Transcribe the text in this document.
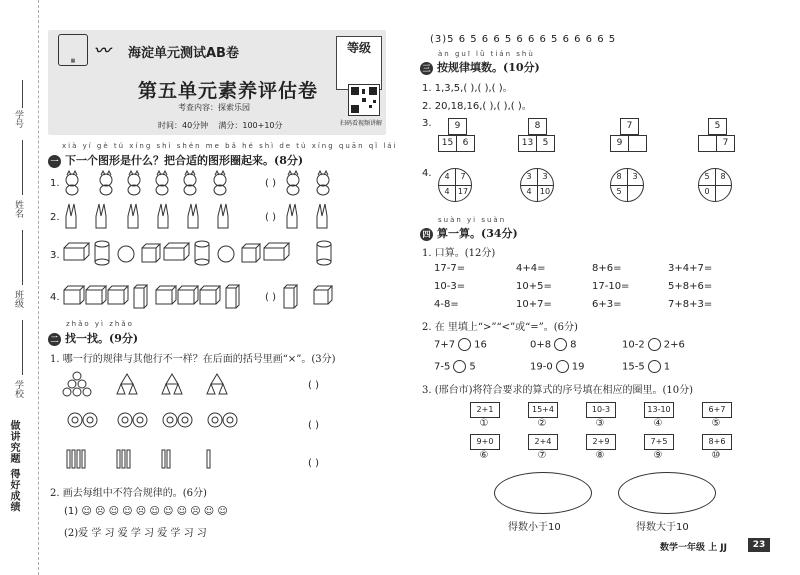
学号
姓名
班级
学校
做讲究题 得好成绩
▦
〰 海淀单元测试AB卷	等级
第五单元素养评估卷
考查内容：探索乐园
时间：40分钟 满分：100+10分	扫码看视频讲解
xià yí gè tú xíng shì shén me bǎ hé shì de tú xíng quān qǐ lái
一 下一个图形是什么？把合适的图形圈起来。(8分)
1.	( )
2.	( )
3.
4.	( )
zhǎo yì zhǎo
二 找一找。(9分)
1. 哪一行的规律与其他行不一样？在后面的括号里画“×”。(3分)
( )
( )
( )
2. 画去每组中不符合规律的。(6分)
(1) ☺ ☹ ☺ ☺ ☹ ☺ ☺ ☺ ☹ ☺ ☺
(2)爱 学 习 爱 学 习 爱 学 习 习
(3)5 6 5 6 6 5 6 6 6 5 6 6 6 6 5
àn guī lǜ tián shù
三 按规律填数。(10分)
1. 1,3,5,( ),( ),( )。
2. 20,18,16,( ),( ),( )。
3.	9
15	6
8
13	5
7
9
5
7
4.	4	7
4	17
3	3
4	10
8	3
5
5	8
0
suàn yi suàn
四 算一算。(34分)
1. 口算。(12分)
17-7=	4+4=	8+6=	3+4+7=
10-3=	10+5=	17-10=	5+8+6=
4-8=	10+7=	6+3=	7+8+3=
2. 在 里填上“>”“<”或“=”。(6分)
7+7 16	0+8 8	10-2 2+6
7-5 5	19-0 19	15-5 1
3. (邢台市)将符合要求的算式的序号填在相应的圈里。(10分)
2+1
①
15+4
②
10-3
③
13-10
④
6+7
⑤
9+0
⑥
2+4
⑦
2+9
⑧
7+5
⑨
8+6
⑩
得数小于10	得数大于10
数学一年级 上 JJ	23
